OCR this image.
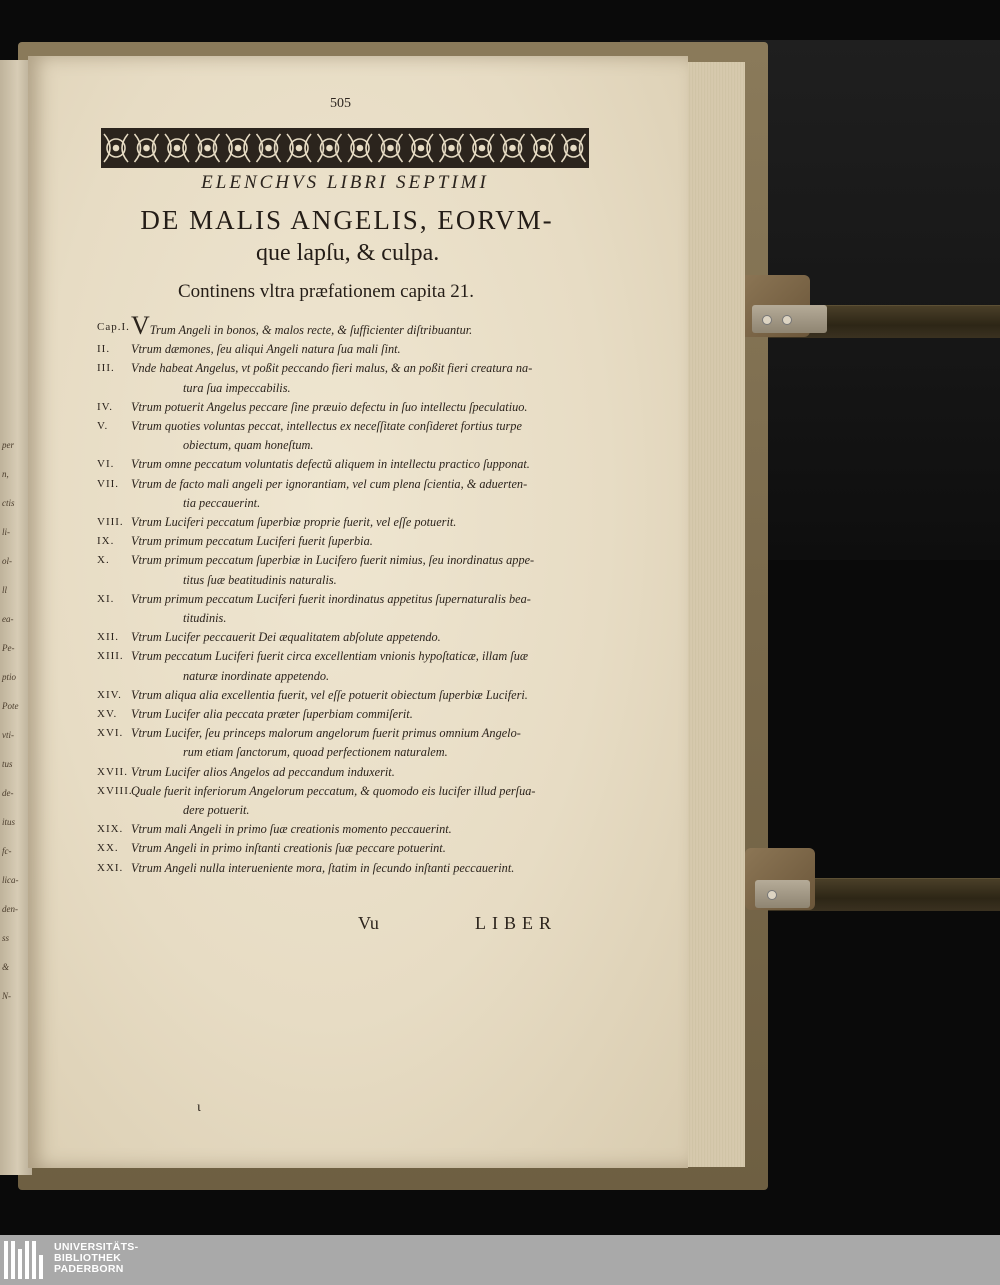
per
n,
ctis
li-
ol-
ll
ea-
Pe-
ptio
Pote
vti-
tus
de-
itus
fc-
lica-
den-
ss
&
N-
505
ELENCHVS LIBRI SEPTIMI
DE MALIS ANGELIS, EORVM-
que lapſu, & culpa.
Continens vltra præfationem capita 21.
Cap.I. VTrum Angeli in bonos, & malos recte, & ſufficienter diſtribuantur.
II.	Vtrum dæmones, ſeu aliqui Angeli natura ſua mali ſint.
III.	Vnde habeat Angelus, vt poßit peccando fieri malus, & an poßit fieri creatura na-
tura ſua impeccabilis.
IV.	Vtrum potuerit Angelus peccare ſine præuio defectu in ſuo intellectu ſpeculatiuo.
V.	Vtrum quoties voluntas peccat, intellectus ex neceſſitate conſideret fortius turpe
obiectum, quam honeſtum.
VI.	Vtrum omne peccatum voluntatis defectũ aliquem in intellectu practico ſupponat.
VII. Vtrum de facto mali angeli per ignorantiam, vel cum plena ſcientia, & aduerten-
tia peccauerint.
VIII. Vtrum Luciferi peccatum ſuperbiæ proprie fuerit, vel eſſe potuerit.
IX.	Vtrum primum peccatum Luciferi fuerit ſuperbia.
X.	Vtrum primum peccatum ſuperbiæ in Lucifero fuerit nimius, ſeu inordinatus appe-
titus ſuæ beatitudinis naturalis.
XI.	Vtrum primum peccatum Luciferi fuerit inordinatus appetitus ſupernaturalis bea-
titudinis.
XII. Vtrum Lucifer peccauerit Dei æqualitatem abſolute appetendo.
XIII. Vtrum peccatum Luciferi fuerit circa excellentiam vnionis hypoſtaticæ, illam ſuæ
naturæ inordinate appetendo.
XIV. Vtrum aliqua alia excellentia fuerit, vel eſſe potuerit obiectum ſuperbiæ Luciferi.
XV.	Vtrum Lucifer alia peccata præter ſuperbiam commiſerit.
XVI. Vtrum Lucifer, ſeu princeps malorum angelorum fuerit primus omnium Angelo-
rum etiam ſanctorum, quoad perfectionem naturalem.
XVII. Vtrum Lucifer alios Angelos ad peccandum induxerit.
XVIII.
Quale fuerit inferiorum Angelorum peccatum, & quomodo eis lucifer illud perſua-
dere potuerit.
XIX. Vtrum mali Angeli in primo ſuæ creationis momento peccauerint.
XX.	Vtrum Angeli in primo inſtanti creationis ſuæ peccare potuerint.
XXI. Vtrum Angeli nulla interueniente mora, ſtatim in ſecundo inſtanti peccauerint.
Vu	LIBER
ɩ
UNIVERSITÄTS-
BIBLIOTHEK
PADERBORN
